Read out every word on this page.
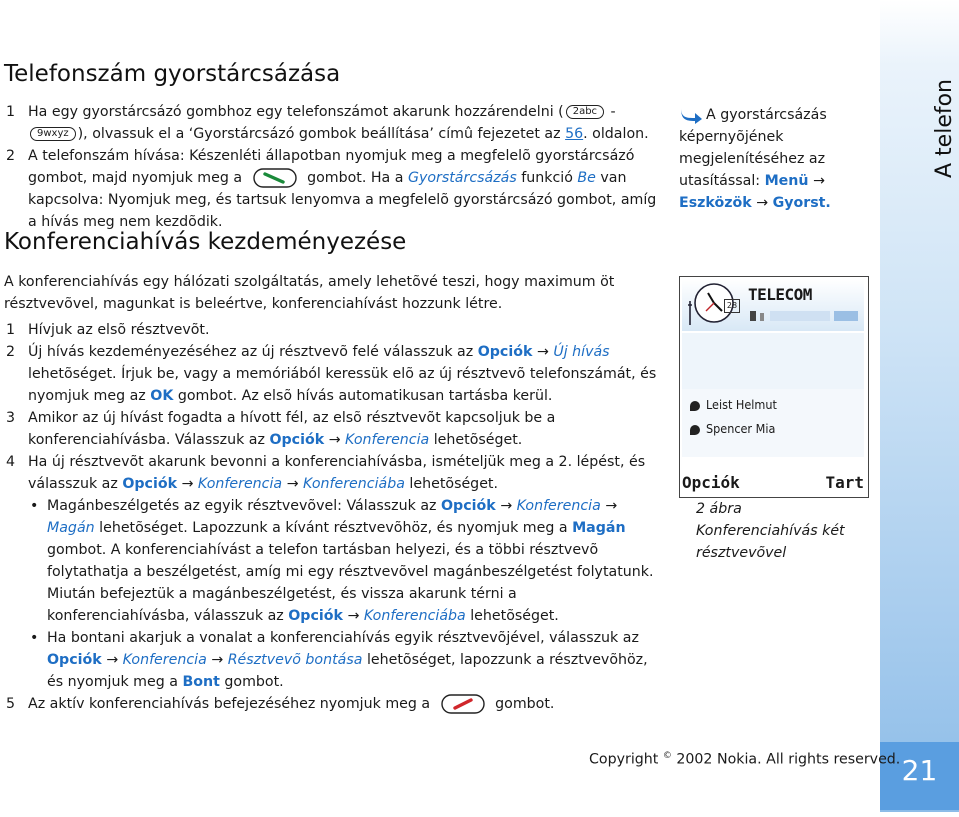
Telefonszám gyorstárcsázása
1 Ha egy gyorstárcsázó gombhoz egy telefonszámot akarunk hozzárendelni ( 2abc -
9wxyz ), olvassuk el a ‘Gyorstárcsázó gombok beállítása’ címû fejezetet az 56. oldalon.
2 A telefonszám hívása: Készenléti állapotban nyomjuk meg a megfelelõ gyorstárcsázó
gombot, majd nyomjuk meg a	gombot. Ha a Gyorstárcsázás funkció Be van
kapcsolva: Nyomjuk meg, és tartsuk lenyomva a megfelelõ gyorstárcsázó gombot, amíg
a hívás meg nem kezdõdik.
Konferenciahívás kezdeményezése
A konferenciahívás egy hálózati szolgáltatás, amely lehetõvé teszi, hogy maximum öt
résztvevõvel, magunkat is beleértve, konferenciahívást hozzunk létre.
1 Hívjuk az elsõ résztvevõt.
2 Új hívás kezdeményezéséhez az új résztvevõ felé válasszuk az Opciók → Új hívás
lehetõséget. Írjuk be, vagy a memóriából keressük elõ az új résztvevõ telefonszámát, és
nyomjuk meg az OK gombot. Az elsõ hívás automatikusan tartásba kerül.
3 Amikor az új hívást fogadta a hívott fél, az elsõ résztvevõt kapcsoljuk be a
konferenciahívásba. Válasszuk az Opciók → Konferencia lehetõséget.
4 Ha új résztvevõt akarunk bevonni a konferenciahívásba, ismételjük meg a 2. lépést, és
válasszuk az Opciók → Konferencia → Konferenciába lehetõséget.
• Magánbeszélgetés az egyik résztvevõvel: Válasszuk az Opciók → Konferencia →
Magán lehetõséget. Lapozzunk a kívánt résztvevõhöz, és nyomjuk meg a Magán
gombot. A konferenciahívást a telefon tartásban helyezi, és a többi résztvevõ
folytathatja a beszélgetést, amíg mi egy résztvevõvel magánbeszélgetést folytatunk.
Miután befejeztük a magánbeszélgetést, és vissza akarunk térni a
konferenciahívásba, válasszuk az Opciók → Konferenciába lehetõséget.
• Ha bontani akarjuk a vonalat a konferenciahívás egyik résztvevõjével, válasszuk az
Opciók → Konferencia → Résztvevõ bontása lehetõséget, lapozzunk a résztvevõhöz,
és nyomjuk meg a Bont gombot.
5 Az aktív konferenciahívás befejezéséhez nyomjuk meg a	gombot.
A gyorstárcsázás
képernyõjének
megjelenítéséhez az
utasítással: Menü →
Eszközök → Gyorst.
28
TELECOM
Leist Helmut
Spencer Mia
Opciók	Tart
2 ábra
Konferenciahívás két
résztvevõvel
A telefon
21
Copyright © 2002 Nokia. All rights reserved.
